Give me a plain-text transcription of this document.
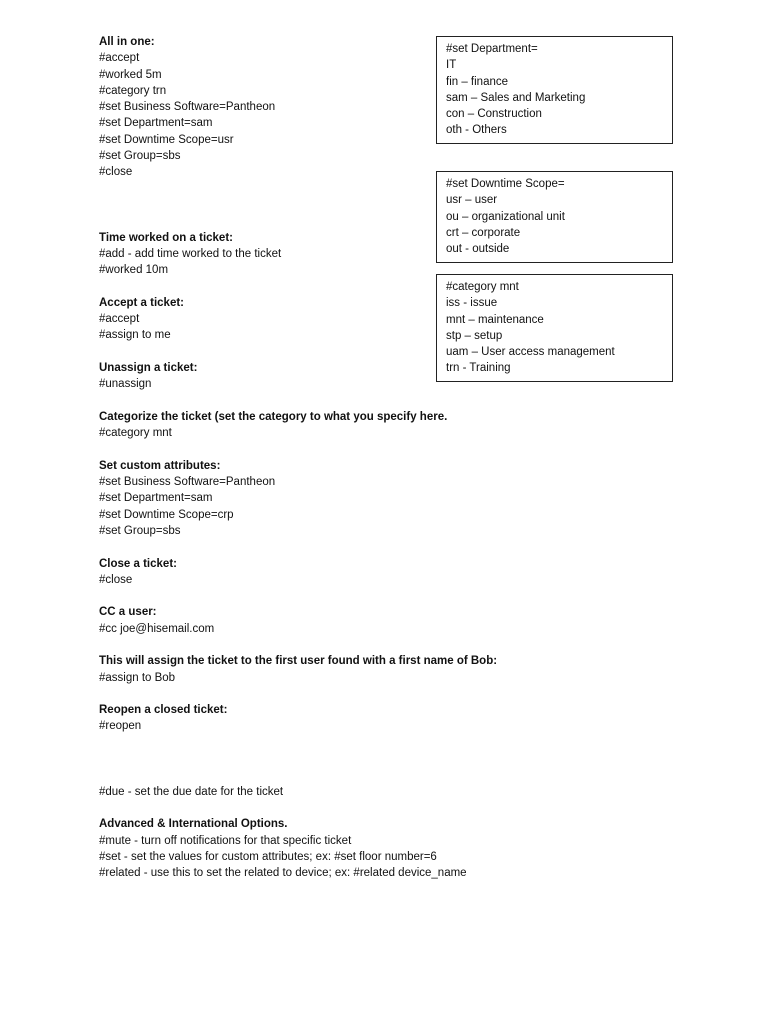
All in one:
#accept
#worked 5m
#category trn
#set Business Software=Pantheon
#set Department=sam
#set Downtime Scope=usr
#set Group=sbs
#close
Time worked on a ticket:
#add - add time worked to the ticket
#worked 10m
Accept a ticket:
#accept
#assign to me
Unassign a ticket:
#unassign
Categorize the ticket (set the category to what you specify here.
#category mnt
Set custom attributes:
#set Business Software=Pantheon
#set Department=sam
#set Downtime Scope=crp
#set Group=sbs
Close a ticket:
#close
CC a user:
#cc joe@hisemail.com
This will assign the ticket to the first user found with a first name of Bob:
#assign to Bob
Reopen a closed ticket:
#reopen
#due - set the due date for the ticket
Advanced & International Options.
#mute - turn off notifications for that specific ticket
#set - set the values for custom attributes; ex: #set floor number=6
#related - use this to set the related to device; ex: #related device_name
#set Department=
IT
fin – finance
sam – Sales and Marketing
con – Construction
oth - Others
#set Downtime Scope=
usr – user
ou – organizational unit
crt – corporate
out - outside
#category mnt
iss - issue
mnt – maintenance
stp – setup
uam – User access management
trn - Training
